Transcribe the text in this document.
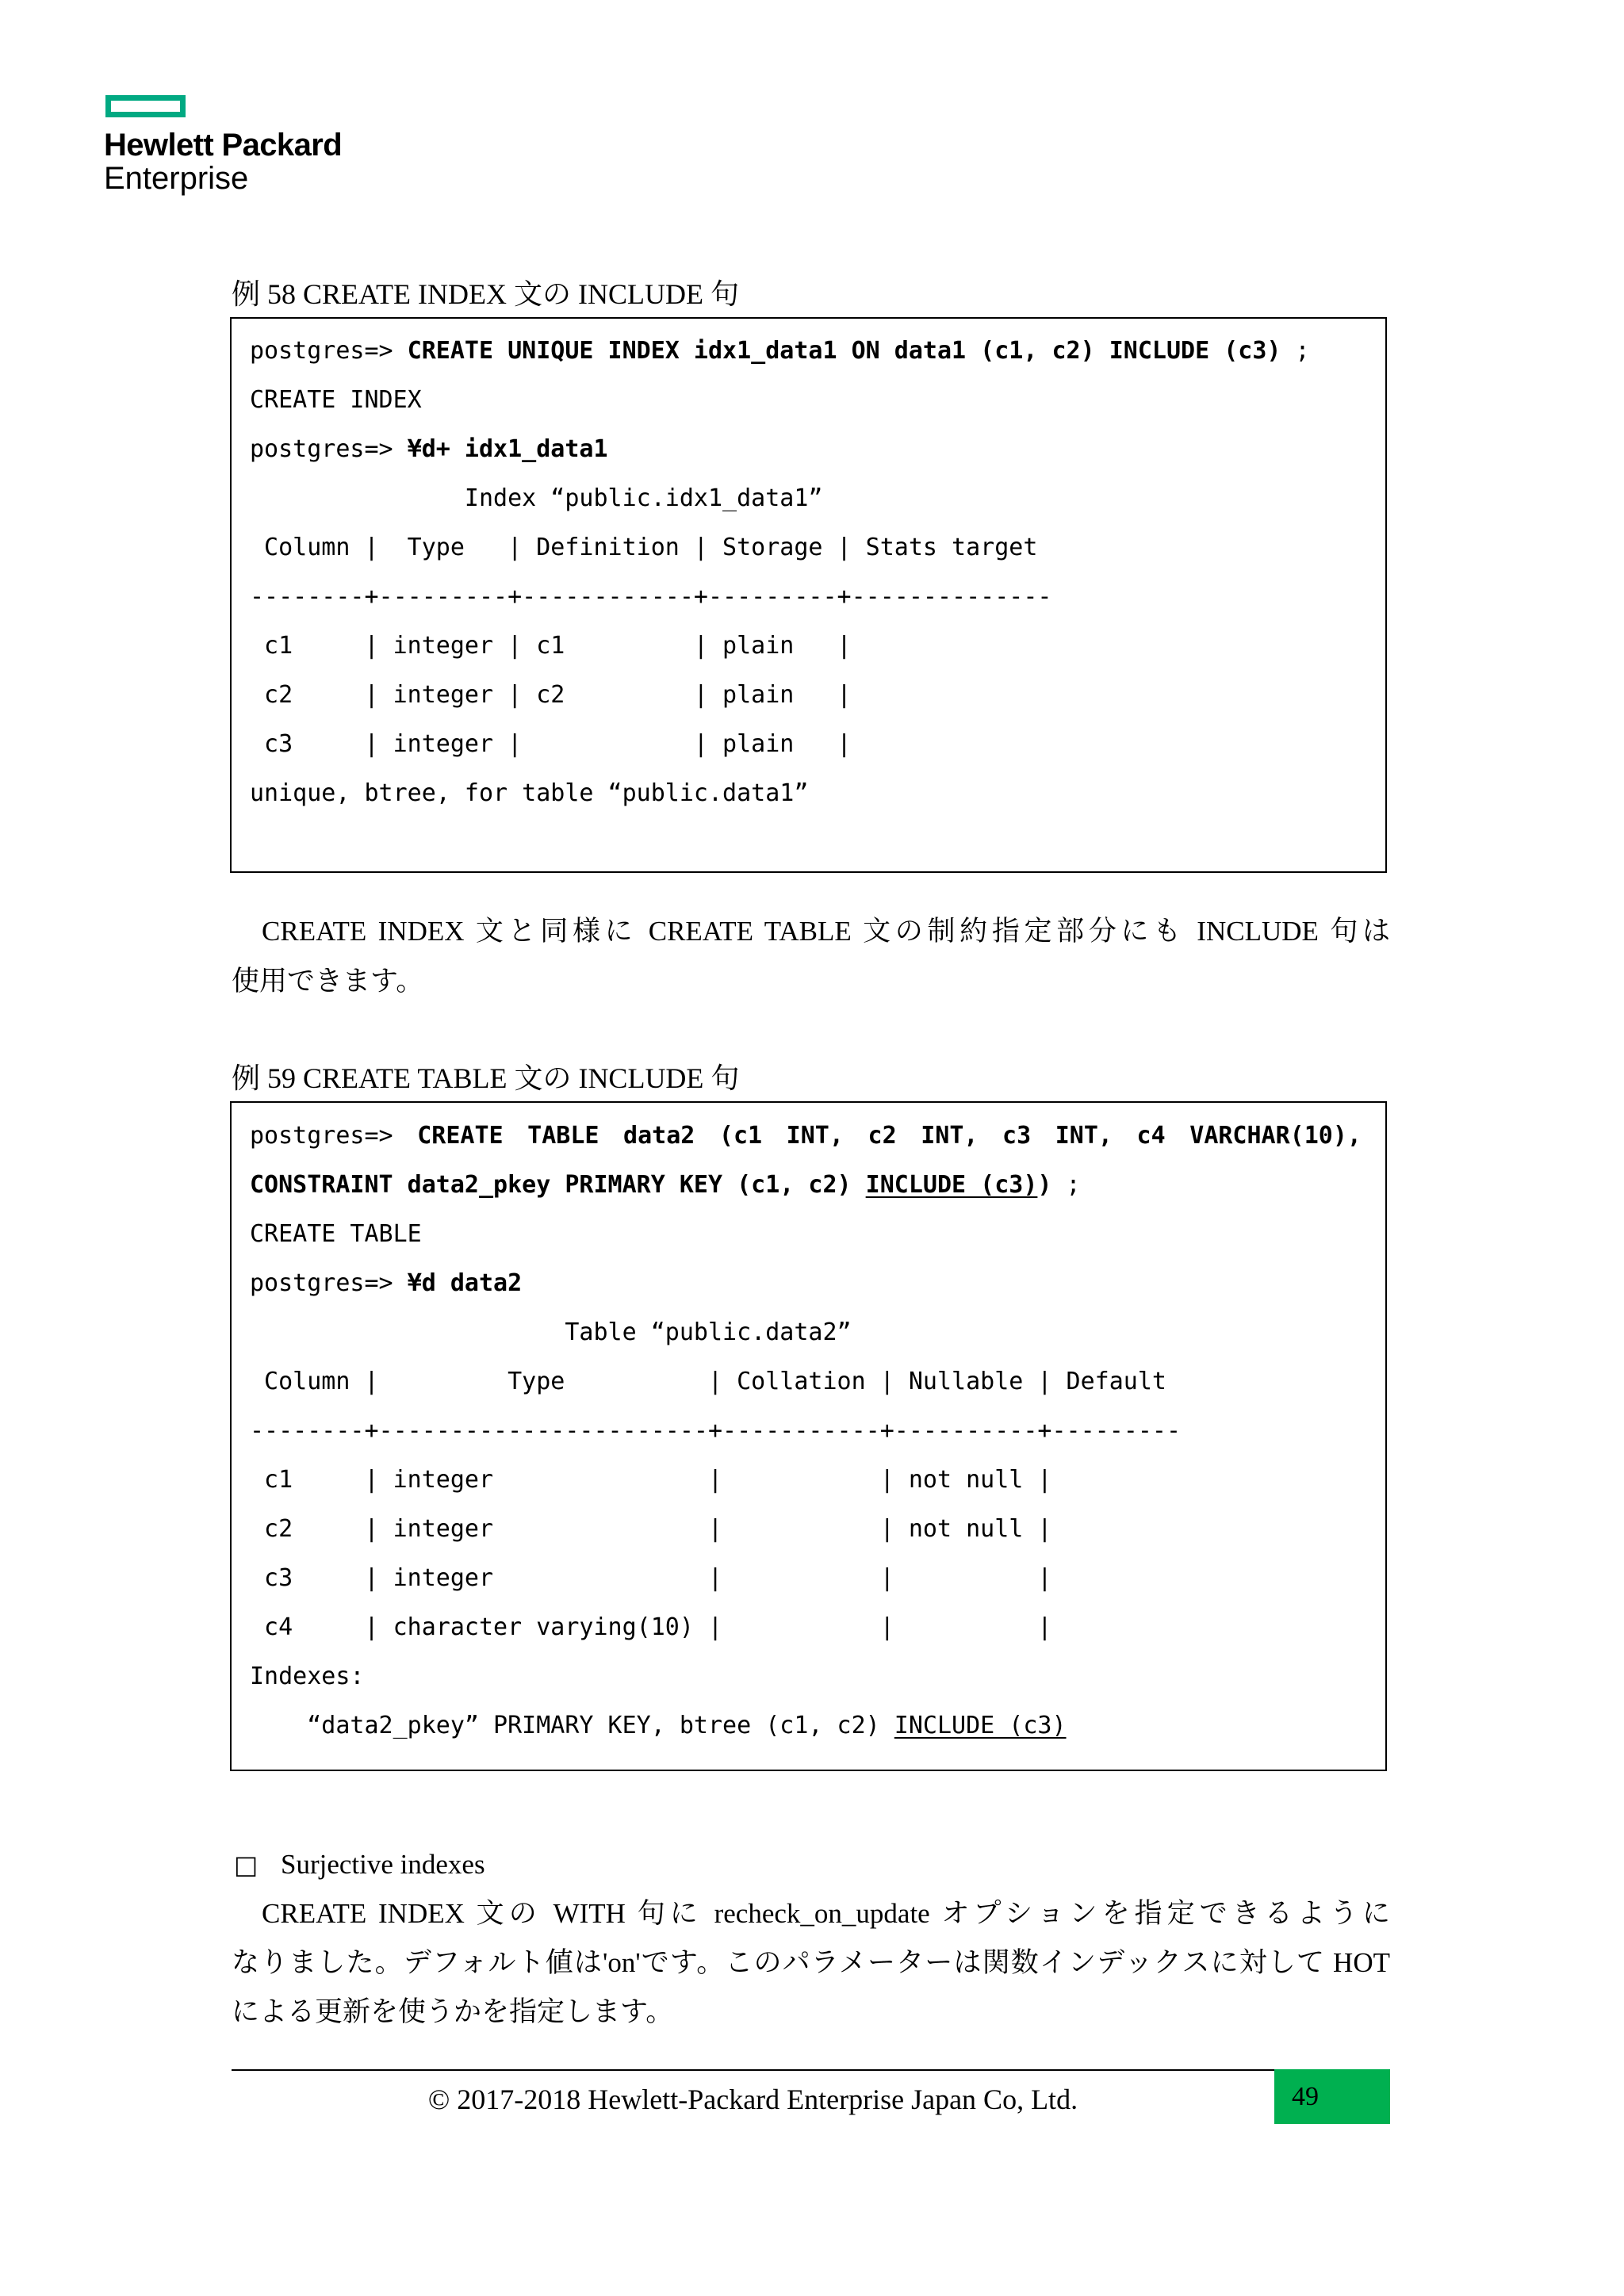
Hewlett Packard
Enterprise
例 58 CREATE INDEX 文の INCLUDE 句
postgres=> CREATE UNIQUE INDEX idx1_data1 ON data1 (c1, c2) INCLUDE (c3) ;
CREATE INDEX
postgres=> ¥d+ idx1_data1
Index “public.idx1_data1”
Column |  Type   | Definition | Storage | Stats target
--------+---------+------------+---------+--------------
c1     | integer | c1         | plain   |
c2     | integer | c2         | plain   |
c3     | integer |            | plain   |
unique, btree, for table “public.data1”
CREATE INDEX 文と同様に CREATE TABLE 文の制約指定部分にも INCLUDE 句は
使用できます。
例 59 CREATE TABLE 文の INCLUDE 句
postgres=> CREATE TABLE data2 (c1 INT, c2 INT, c3 INT, c4 VARCHAR(10),
CONSTRAINT data2_pkey PRIMARY KEY (c1, c2) INCLUDE (c3)) ;
CREATE TABLE
postgres=> ¥d data2
Table “public.data2”
Column |         Type          | Collation | Nullable | Default
--------+-----------------------+-----------+----------+---------
c1     | integer               |           | not null |
c2     | integer               |           | not null |
c3     | integer               |           |          |
c4     | character varying(10) |           |          |
Indexes:
“data2_pkey” PRIMARY KEY, btree (c1, c2) INCLUDE (c3)
□ Surjective indexes
CREATE INDEX 文の WITH 句に recheck_on_update オプションを指定できるように
なりました。デフォルト値は'on'です。このパラメーターは関数インデックスに対して HOT
による更新を使うかを指定します。
© 2017-2018 Hewlett-Packard Enterprise Japan Co, Ltd.	49
